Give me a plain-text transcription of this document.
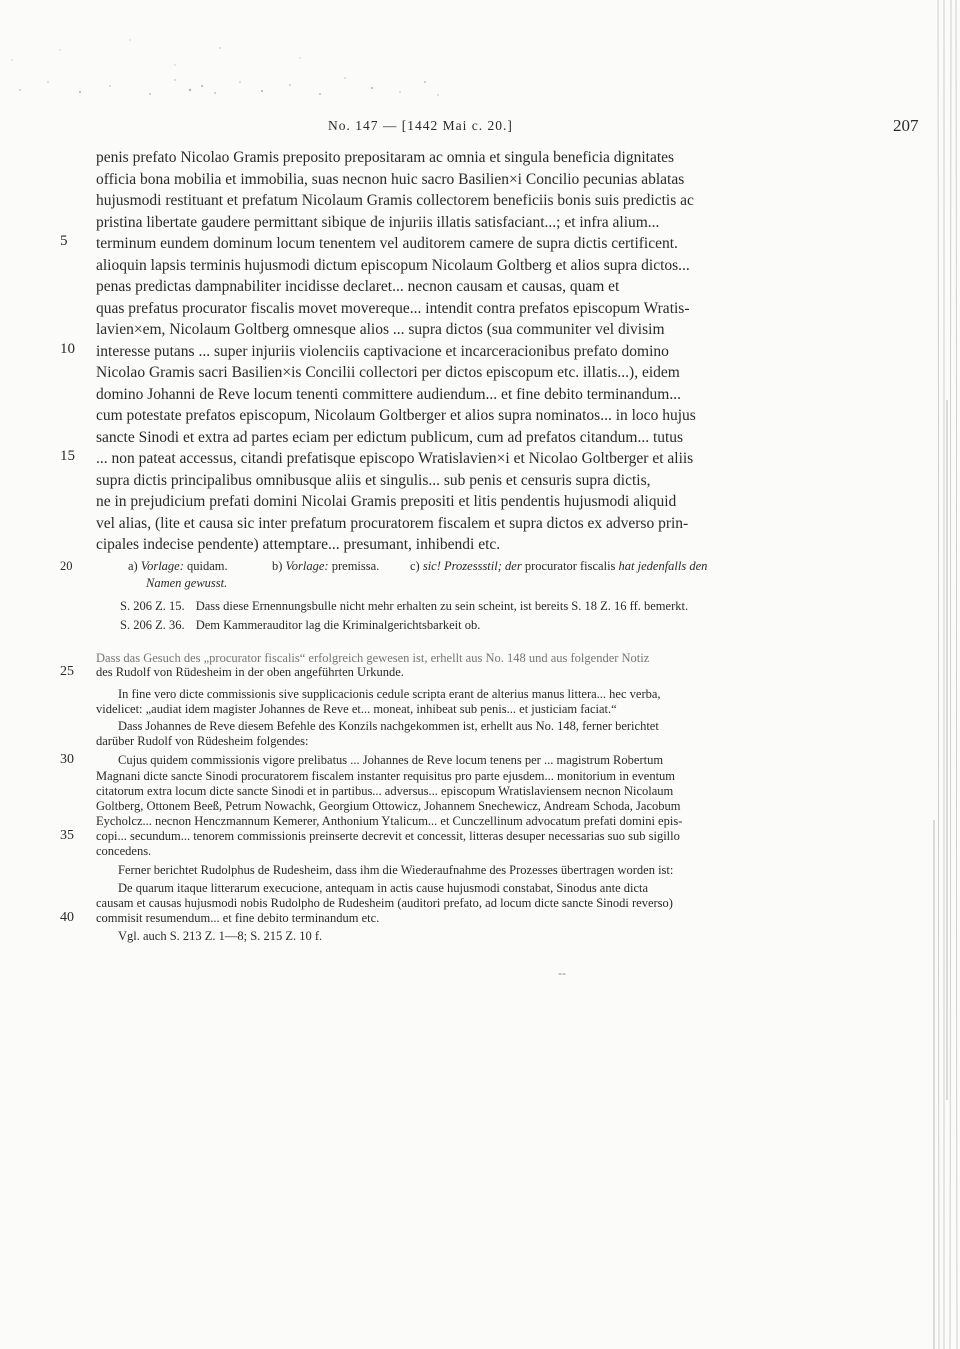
No. 147 — [1442 Mai c. 20.]	207
penis prefato Nicolao Gramis preposito prepositaram ac omnia et singula beneficia dignitates
officia bona mobilia et immobilia, suas necnon huic sacro Basilien×i Concilio pecunias ablatas
hujusmodi restituant et prefatum Nicolaum Gramis collectorem beneficiis bonis suis predictis ac
pristina libertate gaudere permittant sibique de injuriis illatis satisfaciant...; et infra alium...
5	terminum eundem dominum locum tenentem vel auditorem camere de supra dictis certificent.
alioquin lapsis terminis hujusmodi dictum episcopum Nicolaum Goltberg et alios supra dictos...
penas predictas dampnabiliter incidisse declaret... necnon causam et causas, quam et
quas prefatus procurator fiscalis movet movereque... intendit contra prefatos episcopum Wratis-
lavien×em, Nicolaum Goltberg omnesque alios ... supra dictos (sua communiter vel divisim
10	interesse putans ... super injuriis violenciis captivacione et incarceracionibus prefato domino
Nicolao Gramis sacri Basilien×is Concilii collectori per dictos episcopum etc. illatis...), eidem
domino Johanni de Reve locum tenenti committere audiendum... et fine debito terminandum...
cum potestate prefatos episcopum, Nicolaum Goltberger et alios supra nominatos... in loco hujus
sancte Sinodi et extra ad partes eciam per edictum publicum, cum ad prefatos citandum... tutus
15	... non pateat accessus, citandi prefatisque episcopo Wratislavien×i et Nicolao Goltberger et aliis
supra dictis principalibus omnibusque aliis et singulis... sub penis et censuris supra dictis,
ne in prejudicium prefati domini Nicolai Gramis prepositi et litis pendentis hujusmodi aliquid
vel alias, (lite et causa sic inter prefatum procuratorem fiscalem et supra dictos ex adverso prin-
cipales indecise pendente) attemptare... presumant, inhibendi etc.
20	a) Vorlage: quidam.	b) Vorlage: premissa. c) sic! Prozessstil; der procurator fiscalis hat jedenfalls den
Namen gewusst.
S. 206 Z. 15. Dass diese Ernennungsbulle nicht mehr erhalten zu sein scheint, ist bereits S. 18 Z. 16 ff. bemerkt.
S. 206 Z. 36. Dem Kammerauditor lag die Kriminalgerichtsbarkeit ob.
Dass das Gesuch des „procurator fiscalis“ erfolgreich gewesen ist, erhellt aus No. 148 und aus folgender Notiz
25	des Rudolf von Rüdesheim in der oben angeführten Urkunde.
In fine vero dicte commissionis sive supplicacionis cedule scripta erant de alterius manus littera... hec verba,
videlicet: „audiat idem magister Johannes de Reve et... moneat, inhibeat sub penis... et justiciam faciat.“
Dass Johannes de Reve diesem Befehle des Konzils nachgekommen ist, erhellt aus No. 148, ferner berichtet
darüber Rudolf von Rüdesheim folgendes:
30	Cujus quidem commissionis vigore prelibatus ... Johannes de Reve locum tenens per ... magistrum Robertum
Magnani dicte sancte Sinodi procuratorem fiscalem instanter requisitus pro parte ejusdem... monitorium in eventum
citatorum extra locum dicte sancte Sinodi et in partibus... adversus... episcopum Wratislaviensem necnon Nicolaum
Goltberg, Ottonem Beeß, Petrum Nowachk, Georgium Ottowicz, Johannem Snechewicz, Andream Schoda, Jacobum
Eycholcz... necnon Henczmannum Kemerer, Anthonium Ytalicum... et Cunczellinum advocatum prefati domini epis-
35	copi... secundum... tenorem commissionis preinserte decrevit et concessit, litteras desuper necessarias suo sub sigillo
concedens.
Ferner berichtet Rudolphus de Rudesheim, dass ihm die Wiederaufnahme des Prozesses übertragen worden ist:
De quarum itaque litterarum execucione, antequam in actis cause hujusmodi constabat, Sinodus ante dicta
causam et causas hujusmodi nobis Rudolpho de Rudesheim (auditori prefato, ad locum dicte sancte Sinodi reverso)
40	commisit resumendum... et fine debito terminandum etc.
Vgl. auch S. 213 Z. 1—8; S. 215 Z. 10 f.
--
